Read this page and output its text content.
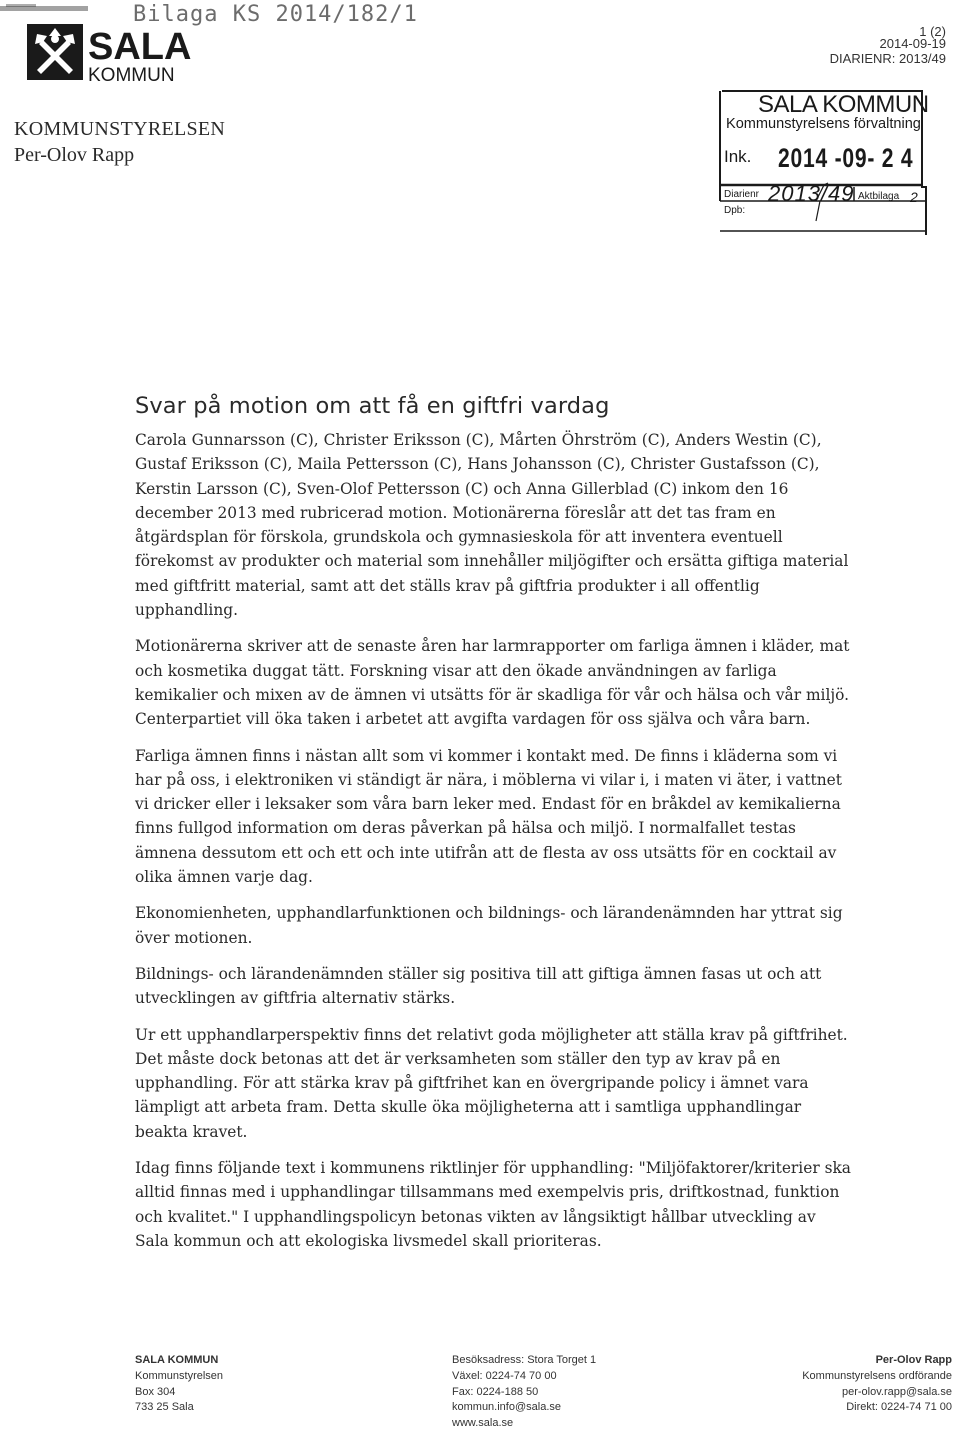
Bilaga KS 2014/182/1
SALA
KOMMUN
KOMMUNSTYRELSEN
Per-Olov Rapp
1 (2)
2014-09-19
DIARIENR: 2013/49
SALA KOMMUN
Kommunstyrelsens förvaltning
Ink. 2014 -09- 2 4
Diarienr 2013/49 Aktbilaga 2
Dpb:
Svar på motion om att få en giftfri vardag

Carola Gunnarsson (C), Christer Eriksson (C), Mårten Öhrström (C), Anders Westin (C), Gustaf Eriksson (C), Maila Pettersson (C), Hans Johansson (C), Christer Gustafsson (C), Kerstin Larsson (C), Sven-Olof Pettersson (C) och Anna Gillerblad (C) inkom den 16 december 2013 med rubricerad motion. Motionärerna föreslår att det tas fram en åtgärdsplan för förskola, grundskola och gymnasieskola för att inventera eventuell förekomst av produkter och material som innehåller miljögifter och ersätta giftiga material med giftfritt material, samt att det ställs krav på giftfria produkter i all offentlig upphandling.

Motionärerna skriver att de senaste åren har larmrapporter om farliga ämnen i kläder, mat och kosmetika duggat tätt. Forskning visar att den ökade användningen av farliga kemikalier och mixen av de ämnen vi utsätts för är skadliga för vår och hälsa och vår miljö. Centerpartiet vill öka taken i arbetet att avgifta vardagen för oss själva och våra barn.

Farliga ämnen finns i nästan allt som vi kommer i kontakt med. De finns i kläderna som vi har på oss, i elektroniken vi ständigt är nära, i möblerna vi vilar i, i maten vi äter, i vattnet vi dricker eller i leksaker som våra barn leker med. Endast för en bråkdel av kemikalierna finns fullgod information om deras påverkan på hälsa och miljö. I normalfallet testas ämnena dessutom ett och ett och inte utifrån att de flesta av oss utsätts för en cocktail av olika ämnen varje dag.

Ekonomienheten, upphandlarfunktionen och bildnings- och lärandenämnden har yttrat sig över motionen.

Bildnings- och lärandenämnden ställer sig positiva till att giftiga ämnen fasas ut och att utvecklingen av giftfria alternativ stärks.

Ur ett upphandlarperspektiv finns det relativt goda möjligheter att ställa krav på giftfrihet. Det måste dock betonas att det är verksamheten som ställer den typ av krav på en upphandling. För att stärka krav på giftfrihet kan en övergripande policy i ämnet vara lämpligt att arbeta fram. Detta skulle öka möjligheterna att i samtliga upphandlingar beakta kravet.

Idag finns följande text i kommunens riktlinjer för upphandling: "Miljöfaktorer/kriterier ska alltid finnas med i upphandlingar tillsammans med exempelvis pris, driftkostnad, funktion och kvalitet." I upphandlingspolicyn betonas vikten av långsiktigt hållbar utveckling av Sala kommun och att ekologiska livsmedel skall prioriteras.

SALA KOMMUN
Kommunstyrelsen
Box 304
733 25 Sala
Besöksadress: Stora Torget 1
Växel: 0224-74 70 00
Fax: 0224-188 50
kommun.info@sala.se
www.sala.se
Per-Olov Rapp
Kommunstyrelsens ordförande
per-olov.rapp@sala.se
Direkt: 0224-74 71 00
